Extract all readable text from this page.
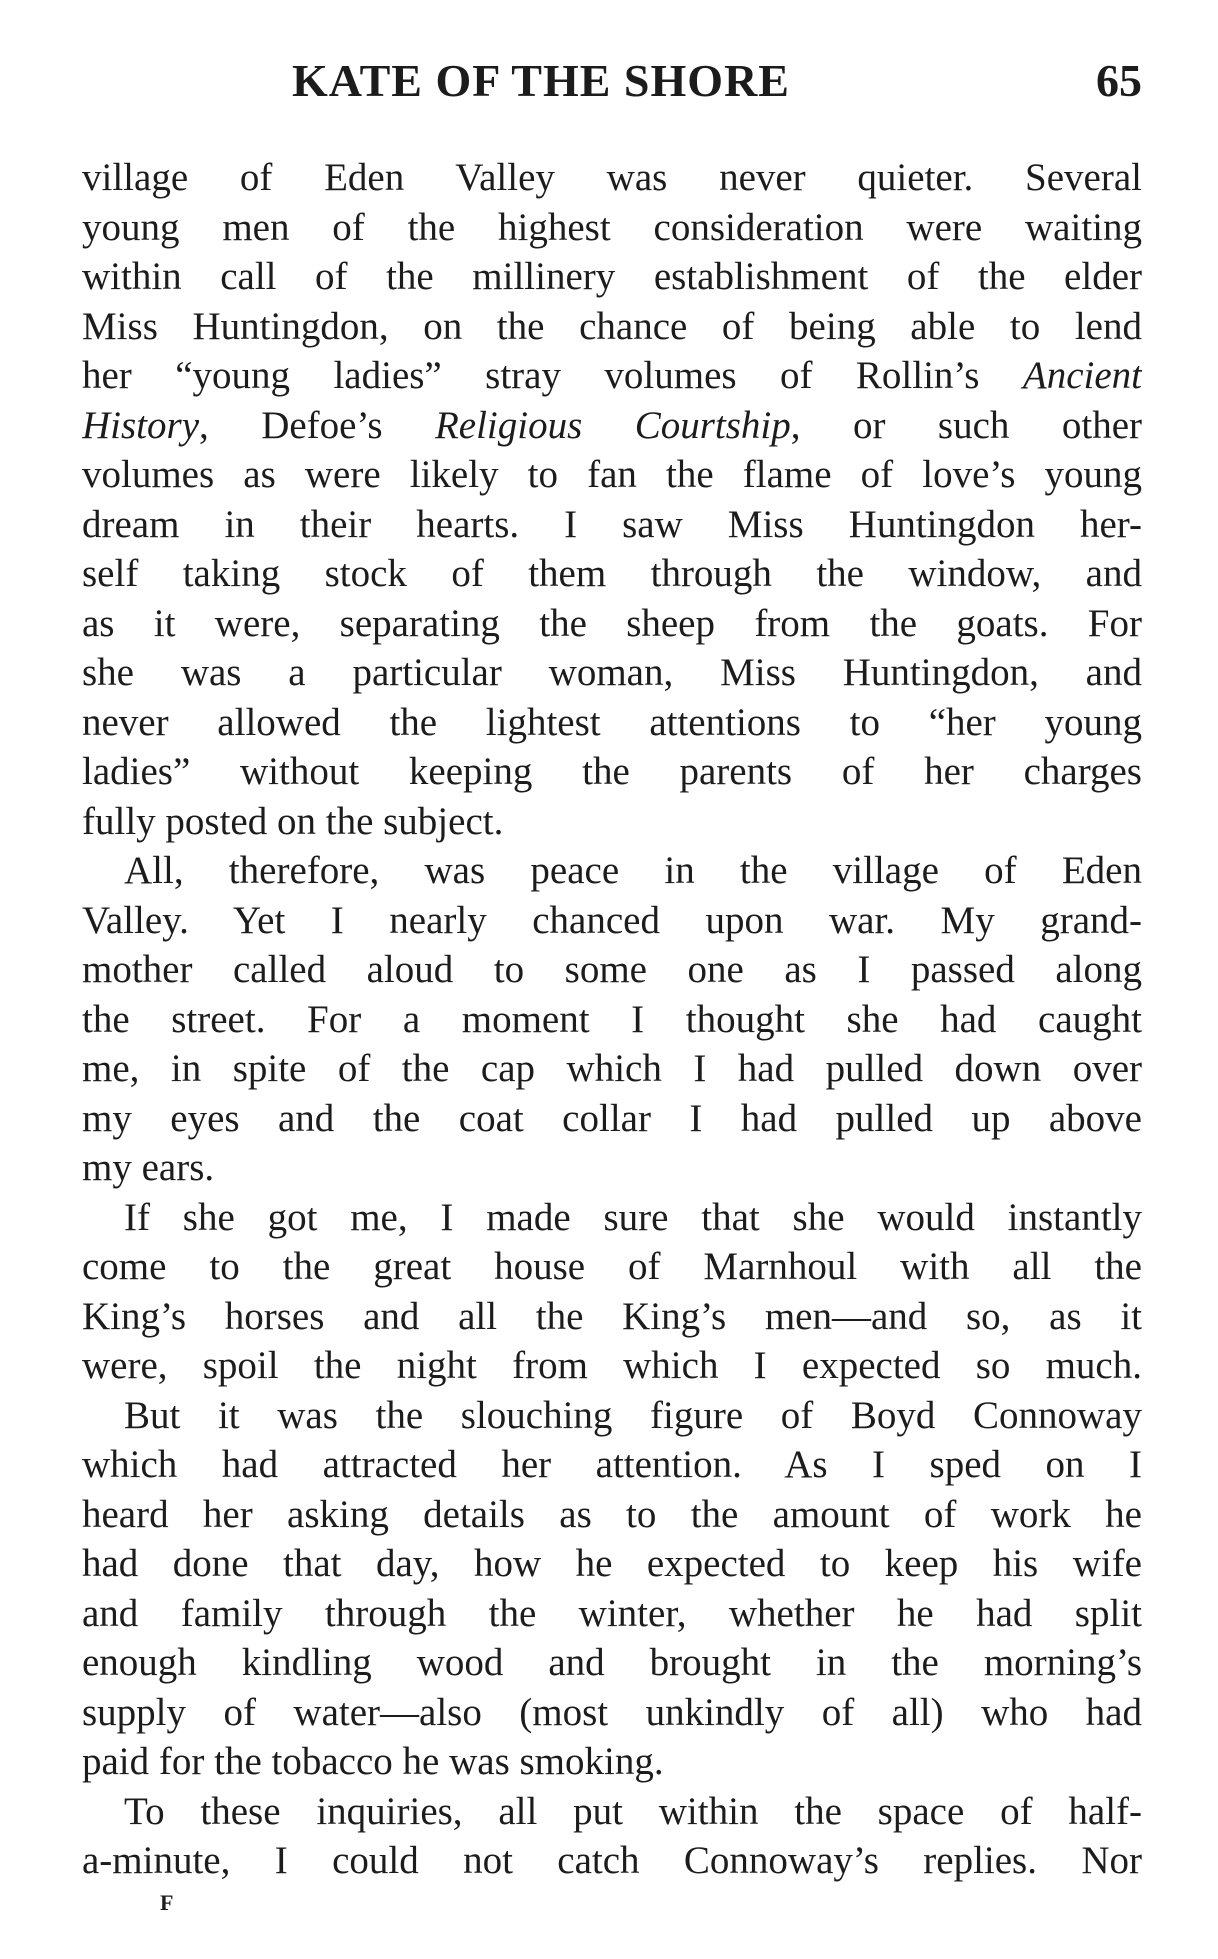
KATE OF THE SHORE	65
village of Eden Valley was never quieter. Several
young men of the highest consideration were waiting
within call of the millinery establishment of the elder
Miss Huntingdon, on the chance of being able to lend
her “young ladies” stray volumes of Rollin’s Ancient
History, Defoe’s Religious Courtship, or such other
volumes as were likely to fan the flame of love’s young
dream in their hearts. I saw Miss Huntingdon her-
self taking stock of them through the window, and
as it were, separating the sheep from the goats. For
she was a particular woman, Miss Huntingdon, and
never allowed the lightest attentions to “her young
ladies” without keeping the parents of her charges
fully posted on the subject.
All, therefore, was peace in the village of Eden
Valley. Yet I nearly chanced upon war. My grand-
mother called aloud to some one as I passed along
the street. For a moment I thought she had caught
me, in spite of the cap which I had pulled down over
my eyes and the coat collar I had pulled up above
my ears.
If she got me, I made sure that she would instantly
come to the great house of Marnhoul with all the
King’s horses and all the King’s men—and so, as it
were, spoil the night from which I expected so much.
But it was the slouching figure of Boyd Connoway
which had attracted her attention. As I sped on I
heard her asking details as to the amount of work he
had done that day, how he expected to keep his wife
and family through the winter, whether he had split
enough kindling wood and brought in the morning’s
supply of water—also (most unkindly of all) who had
paid for the tobacco he was smoking.
To these inquiries, all put within the space of half-
a-minute, I could not catch Connoway’s replies. Nor
F
